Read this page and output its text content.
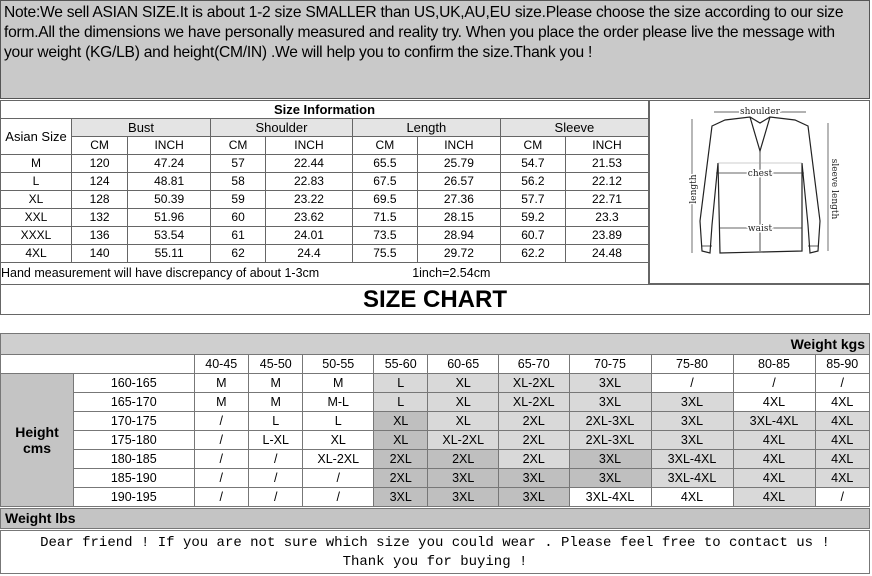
Note:We sell ASIAN SIZE.It is about 1-2 size SMALLER than US,UK,AU,EU size.Please choose the size according to our size form.All the dimensions we have personally measured and reality try. When you place the order please live the message with your weight (KG/LB) and height(CM/IN) .We will help you to confirm the size.Thank you !
Size Information								
Asian Size	Bust		Shoulder		Length		Sleeve	
	CM	INCH	CM	INCH	CM	INCH	CM	INCH
M	120	47.24	57	22.44	65.5	25.79	54.7	21.53
L	124	48.81	58	22.83	67.5	26.57	56.2	22.12
XL	128	50.39	59	23.22	69.5	27.36	57.7	22.71
XXL	132	51.96	60	23.62	71.5	28.15	59.2	23.3
XXXL	136	53.54	61	24.01	73.5	28.94	60.7	23.89
4XL	140	55.11	62	24.4	75.5	29.72	62.2	24.48
Hand measurement will have discrepancy of about 1-3cm 1inch=2.54cm								
shoulder
chest
waist
length	sleeve length
SIZE CHART
Weight kgs											
		40-45	45-50	50-55	55-60	60-65	65-70	70-75	75-80	80-85	85-90

Height
cms	160-165	M	M	M	L	XL	XL-2XL	3XL	/	/	/
	165-170	M	M	M-L	L	XL	XL-2XL	3XL	3XL	4XL	4XL
	170-175	/	L	L	XL	XL	2XL	2XL-3XL	3XL	3XL-4XL	4XL
	175-180	/	L-XL	XL	XL	XL-2XL	2XL	2XL-3XL	3XL	4XL	4XL
	180-185	/	/	XL-2XL	2XL	2XL	2XL	3XL	3XL-4XL	4XL	4XL
	185-190	/	/	/	2XL	3XL	3XL	3XL	3XL-4XL	4XL	4XL
	190-195	/	/	/	3XL	3XL	3XL	3XL-4XL	4XL	4XL	/
Weight lbs
Dear friend ! If you are not sure which size you could wear . Please feel free to contact us !
Thank you for buying !
